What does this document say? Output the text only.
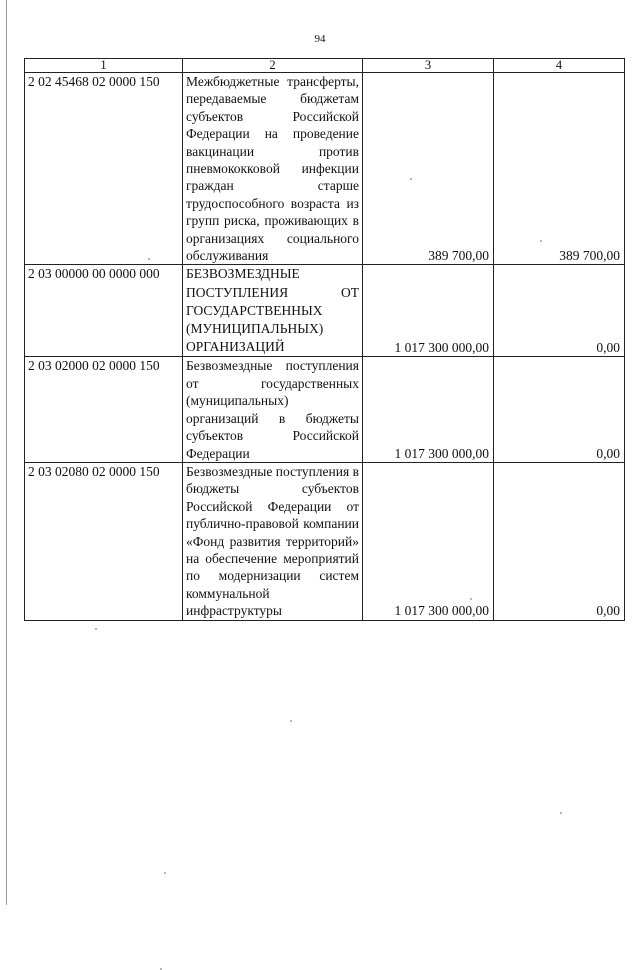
94
1	2	3	4
2 02 45468 02 0000 150	Межбюджетные трансферты, передаваемые бюджетам субъектов Российской Федерации на проведение вакцинации против пневмококковой инфекции граждан старше трудоспособного возраста из групп риска, проживающих в организациях социального обслуживания	389 700,00	389 700,00
2 03 00000 00 0000 000	БЕЗВОЗМЕЗДНЫЕ ПОСТУПЛЕНИЯ ОТ ГОСУДАРСТВЕННЫХ (МУНИЦИПАЛЬНЫХ) ОРГАНИЗАЦИЙ	1 017 300 000,00	0,00
2 03 02000 02 0000 150	Безвозмездные поступления от государственных (муниципальных) организаций в бюджеты субъектов Российской Федерации	1 017 300 000,00	0,00
2 03 02080 02 0000 150	Безвозмездные поступления в бюджеты субъектов Российской Федерации от публично-правовой компании «Фонд развития территорий» на обеспечение мероприятий по модернизации систем коммунальной инфраструктуры	1 017 300 000,00	0,00
